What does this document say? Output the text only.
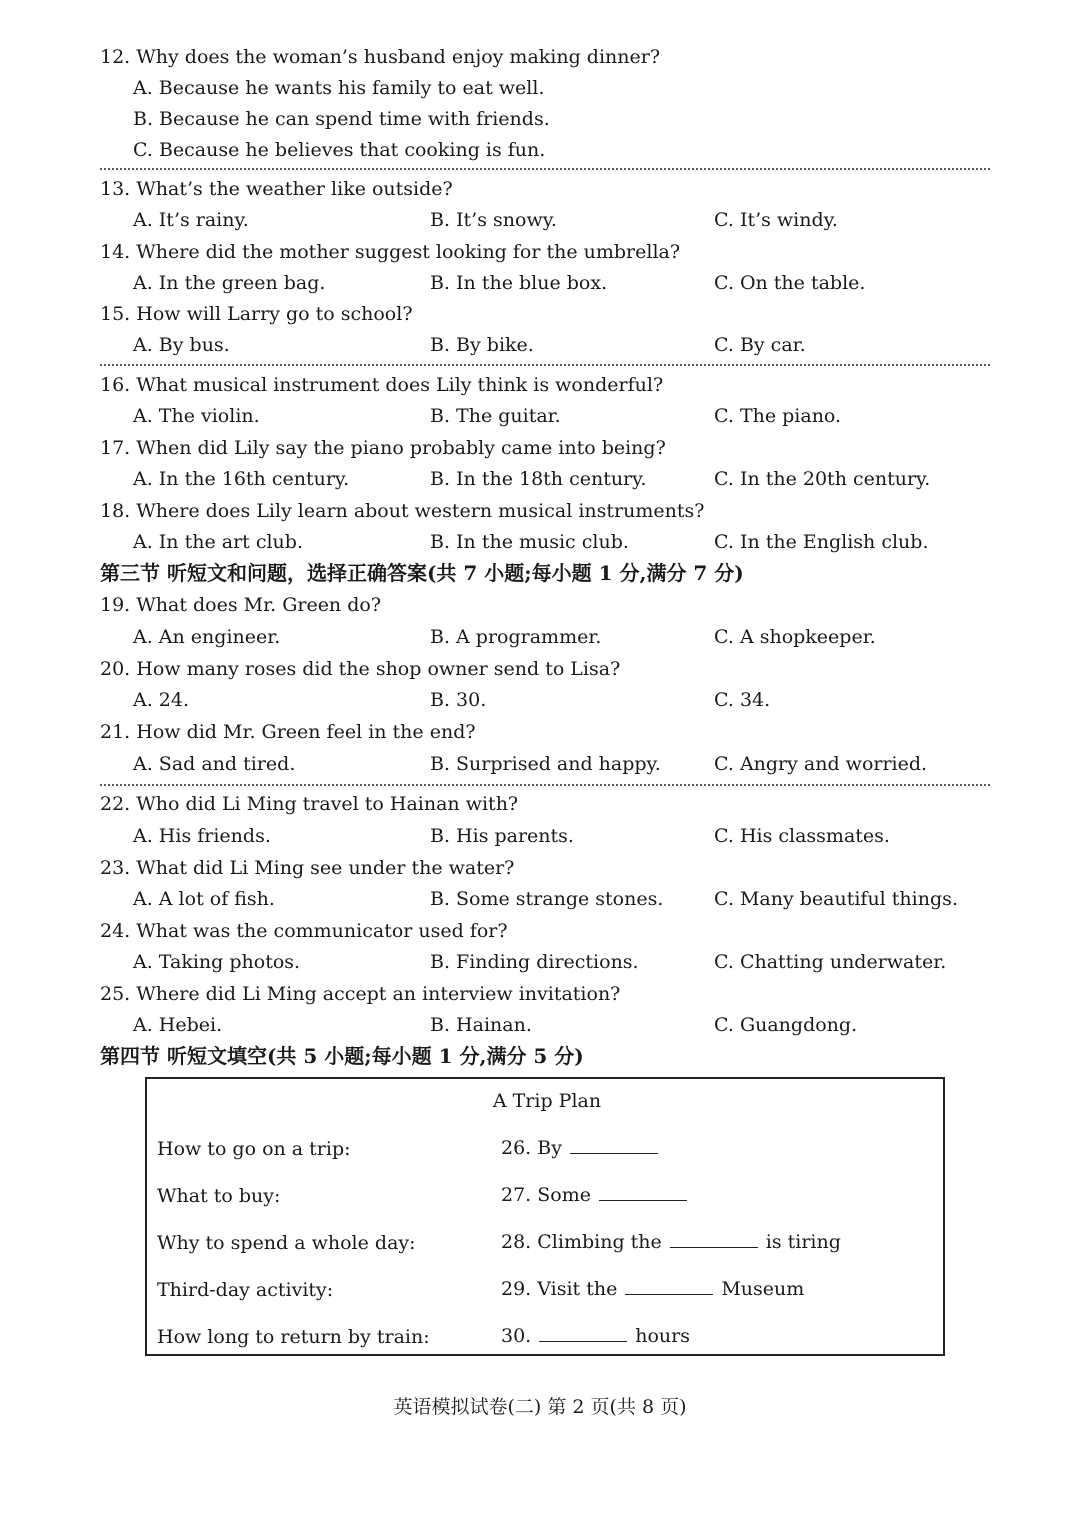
12. Why does the woman’s husband enjoy making dinner?
A. Because he wants his family to eat well.
B. Because he can spend time with friends.
C. Because he believes that cooking is fun.
13. What’s the weather like outside?
A. It’s rainy.	B. It’s snowy.	C. It’s windy.
14. Where did the mother suggest looking for the umbrella?
A. In the green bag.	B. In the blue box.	C. On the table.
15. How will Larry go to school?
A. By bus.	B. By bike.	C. By car.
16. What musical instrument does Lily think is wonderful?
A. The violin.	B. The guitar.	C. The piano.
17. When did Lily say the piano probably came into being?
A. In the 16th century.	B. In the 18th century.	C. In the 20th century.
18. Where does Lily learn about western musical instruments?
A. In the art club.	B. In the music club.	C. In the English club.
第三节 听短文和问题，选择正确答案(共 7 小题;每小题 1 分,满分 7 分)
19. What does Mr. Green do?
A. An engineer.	B. A programmer.	C. A shopkeeper.
20. How many roses did the shop owner send to Lisa?
A. 24.	B. 30.	C. 34.
21. How did Mr. Green feel in the end?
A. Sad and tired.	B. Surprised and happy.	C. Angry and worried.
22. Who did Li Ming travel to Hainan with?
A. His friends.	B. His parents.	C. His classmates.
23. What did Li Ming see under the water?
A. A lot of fish.	B. Some strange stones.	C. Many beautiful things.
24. What was the communicator used for?
A. Taking photos.	B. Finding directions.	C. Chatting underwater.
25. Where did Li Ming accept an interview invitation?
A. Hebei.	B. Hainan.	C. Guangdong.
第四节 听短文填空(共 5 小题;每小题 1 分,满分 5 分)
A Trip Plan
How to go on a trip:	26. By
What to buy:	27. Some
Why to spend a whole day:	28. Climbing the	is tiring
Third-day activity:	29. Visit the	Museum
How long to return by train:	30.	hours
英语模拟试卷(二) 第 2 页(共 8 页)
